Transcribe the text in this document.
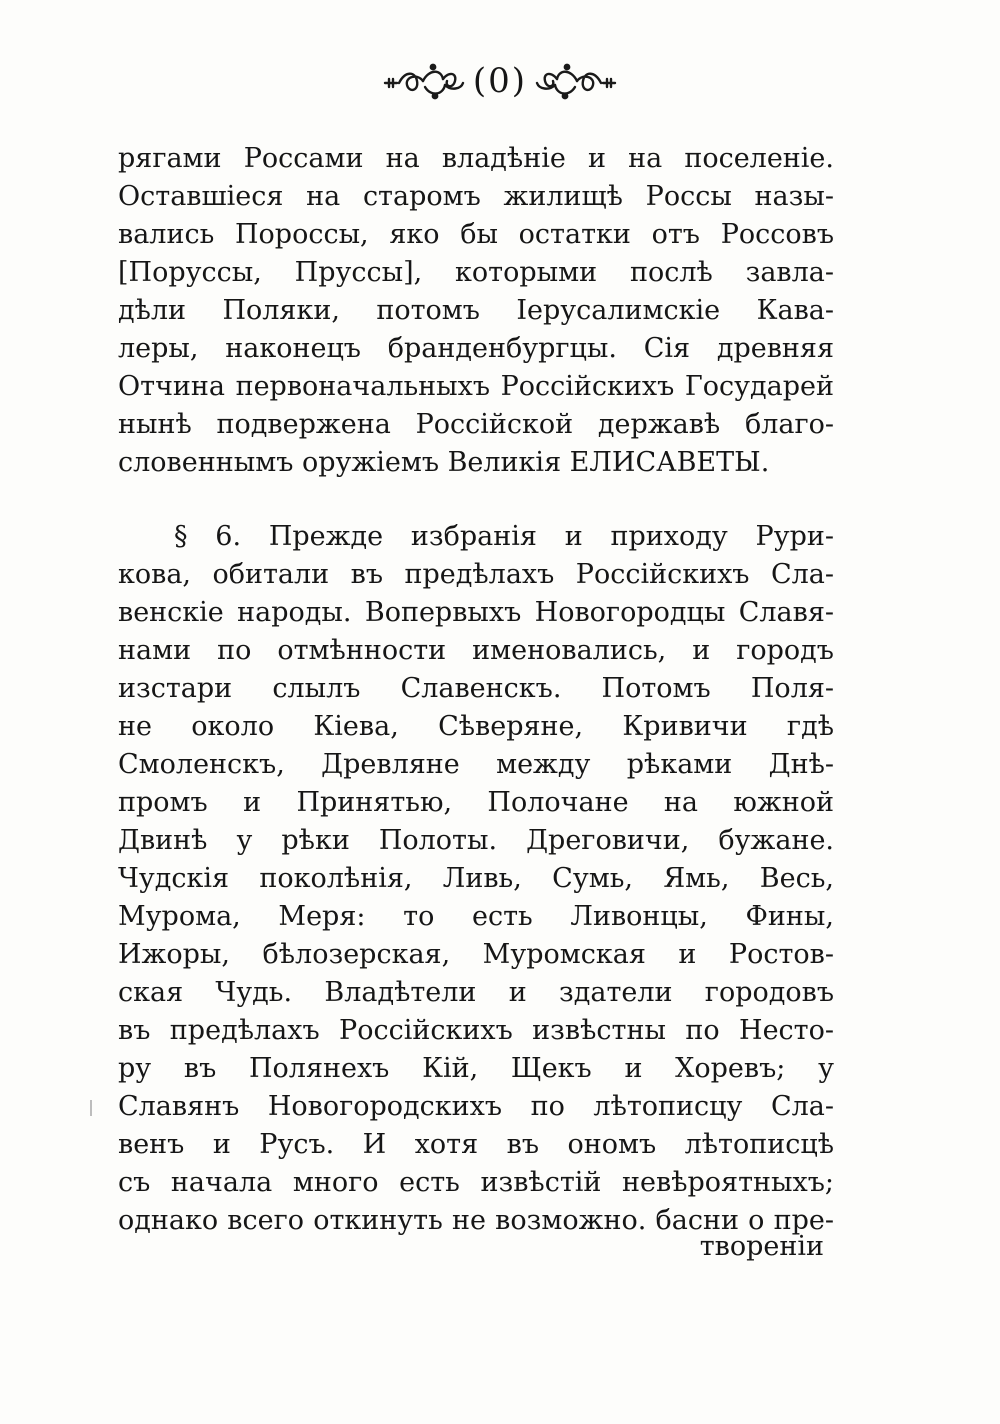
(0)
рягами Россами на владѣніе и на поселеніе.
Оставшіеся на старомъ жилищѣ Россы назы-
вались Пороссы, яко бы остатки отъ Россовъ
[Поруссы, Пруссы], которыми послѣ завла-
дѣли Поляки, потомъ Iерусалимскіе Кава-
леры, наконецъ бранденбургцы. Сія древняя
Отчина первоначальныхъ Россійскихъ Государей
нынѣ подвержена Россійской державѣ благо-
словеннымъ оружіемъ Великія ЕЛИСАВЕТЫ.
§ 6. Прежде избранія и приходу Рури-
кова, обитали въ предѣлахъ Россійскихъ Сла-
венскіе народы. Вопервыхъ Новогородцы Славя-
нами по отмѣнности именовались, и городъ
изстари слылъ Славенскъ. Потомъ Поля-
не около Кіева, Сѣверяне, Кривичи гдѣ
Смоленскъ, Древляне между рѣками Днѣ-
промъ и Принятью, Полочане на южной
Двинѣ у рѣки Полоты. Дреговичи, бужане.
Чудскія поколѣнія, Ливь, Сумь, Ямь, Весь,
Мурома, Меря: то есть Ливонцы, Фины,
Ижоры, бѣлозерская, Муромская и Ростов-
ская Чудь. Владѣтели и здатели городовъ
въ предѣлахъ Россійскихъ извѣстны по Несто-
ру въ Полянехъ Кій, Щекъ и Хоревъ; у
Славянъ Новогородскихъ по лѣтописцу Сла-
венъ и Русъ. И хотя въ ономъ лѣтописцѣ
съ начала много есть извѣстій невѣроятныхъ;
однако всего откинуть не возможно. басни о пре-
творенiи
